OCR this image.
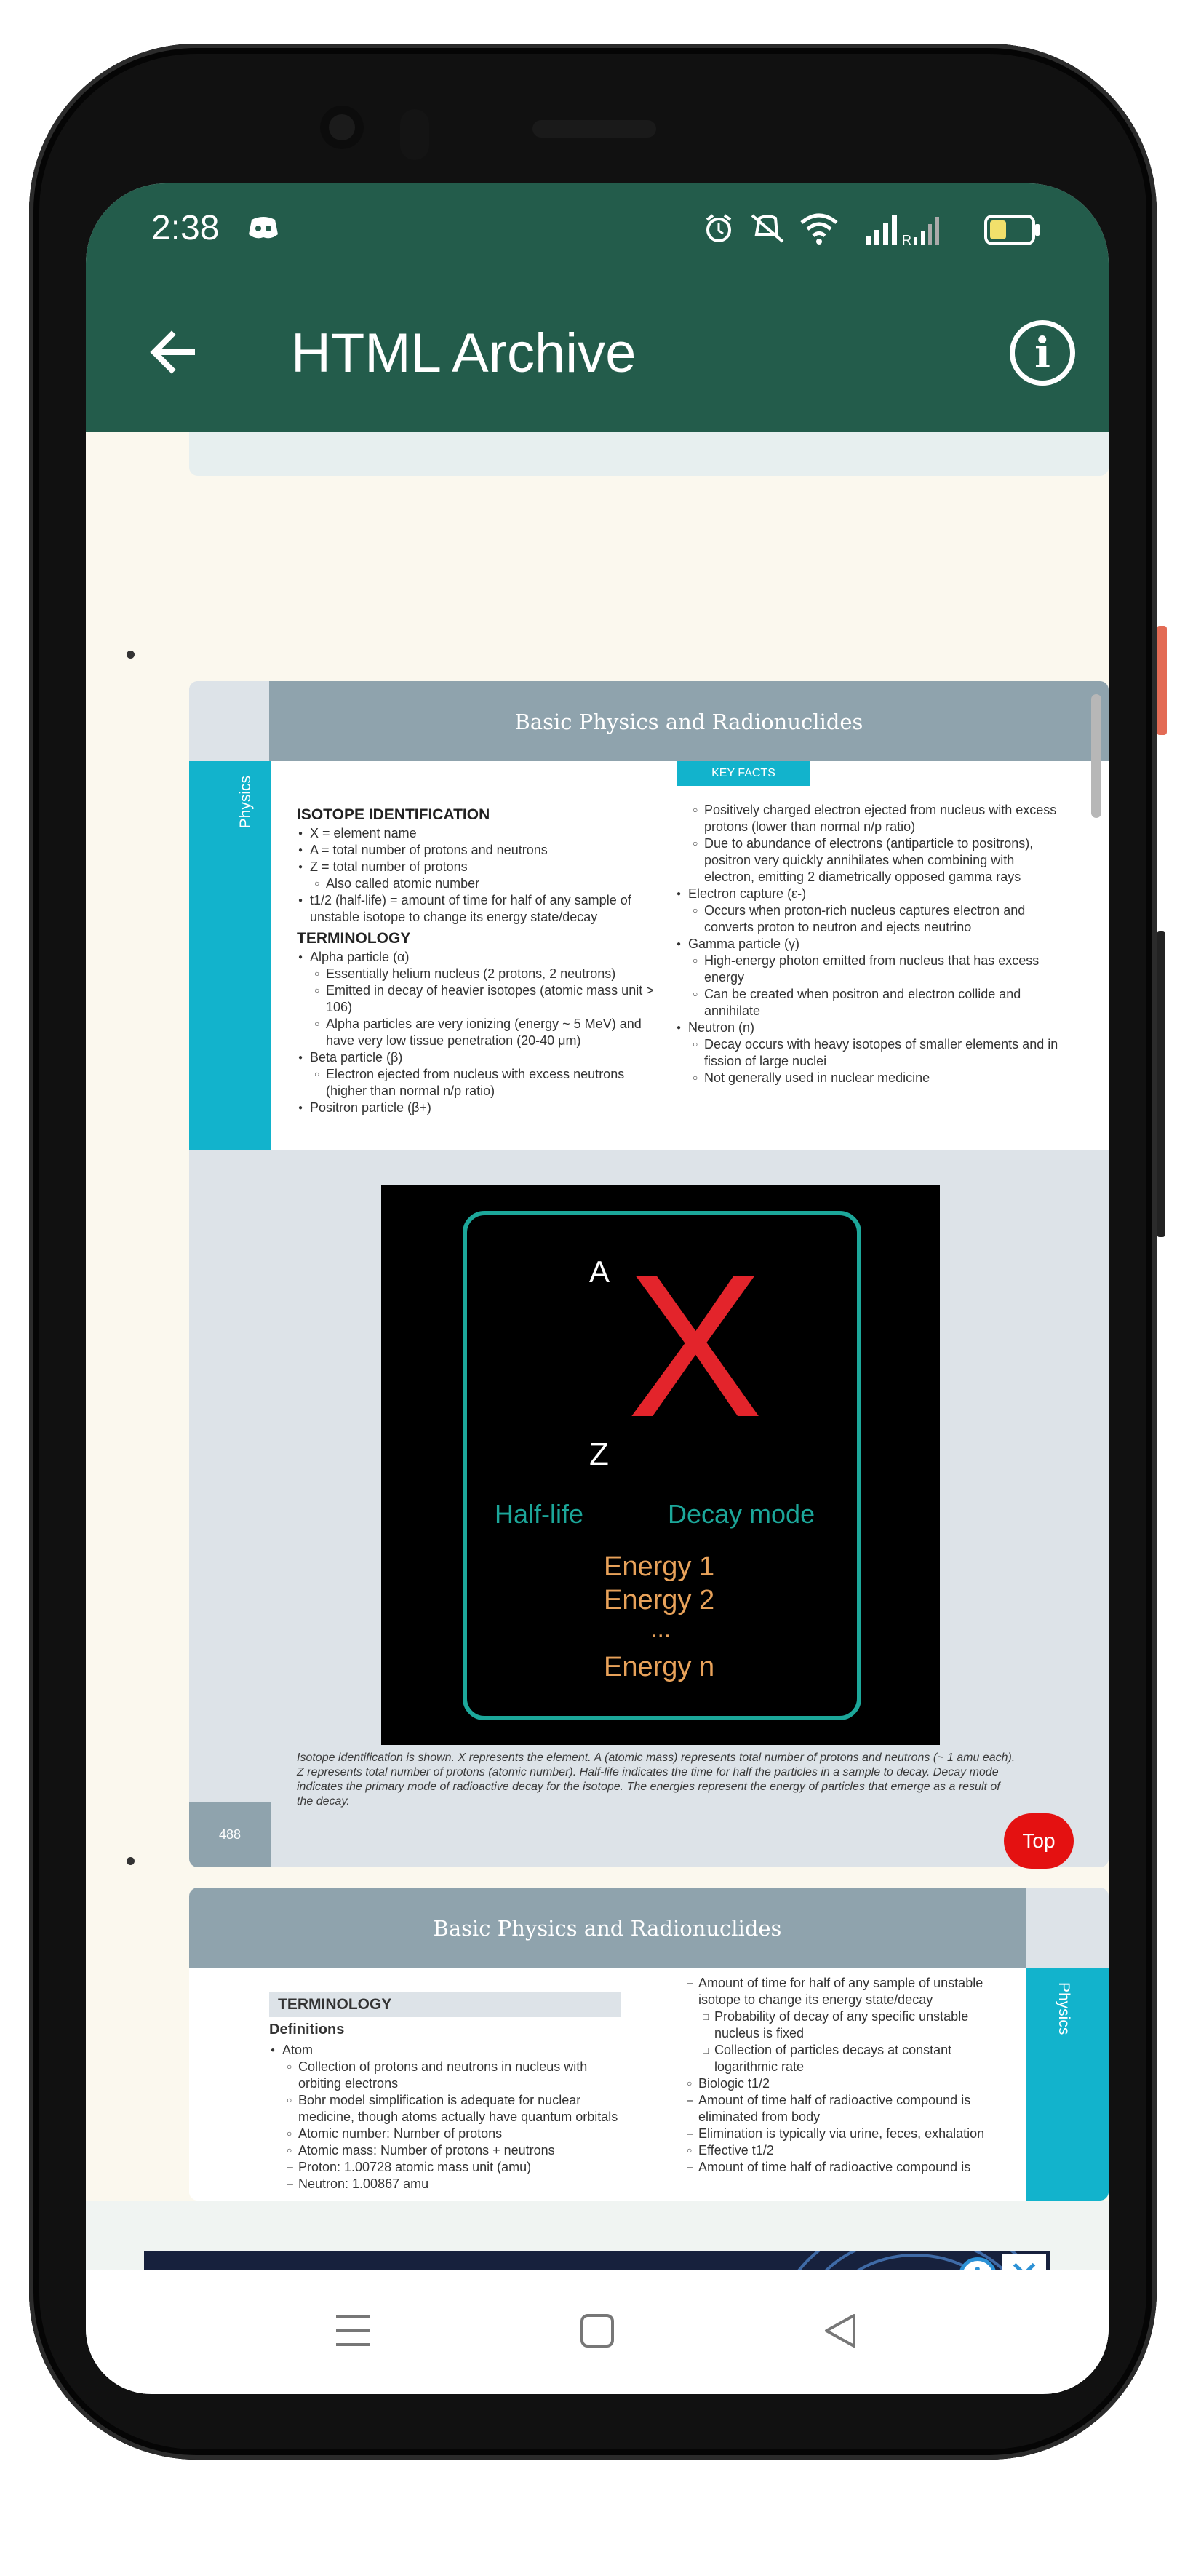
2:38	R
HTML Archive	i
Basic Physics and Radionuclides
Physics
KEY FACTS
ISOTOPE IDENTIFICATION
X = element name
●
A = total number of protons and neutrons
●
Z = total number of protons
●
Also called atomic number
○
t1/2 (half-life) = amount of time for half of any sample of unstable isotope to change its energy state/decay
●
TERMINOLOGY
Alpha particle (α)
●
Essentially helium nucleus (2 protons, 2 neutrons)
○
Emitted in decay of heavier isotopes (atomic mass unit > 106)
○
Alpha particles are very ionizing (energy ~ 5 MeV) and have very low tissue penetration (20-40 μm)
○
Beta particle (β)
●
Electron ejected from nucleus with excess neutrons (higher than normal n/p ratio)
○
Positron particle (β+)
●
Positively charged electron ejected from nucleus with excess protons (lower than normal n/p ratio)
○
Due to abundance of electrons (antiparticle to positrons), positron very quickly annihilates when combining with electron, emitting 2 diametrically opposed gamma rays
○
Electron capture (ε-)
●
Occurs when proton-rich nucleus captures electron and converts proton to neutron and ejects neutrino
○
Gamma particle (γ)
●
High-energy photon emitted from nucleus that has excess energy
○
Can be created when positron and electron collide and annihilate
○
Neutron (n)
●
Decay occurs with heavy isotopes of smaller elements and in fission of large nuclei
○
Not generally used in nuclear medicine
○
A X
Z
Half-life	Decay mode
Energy 1
Energy 2
...
Energy n
Isotope identification is shown. X represents the element. A (atomic mass) represents total number of protons and neutrons (~ 1 amu each). Z represents total number of protons (atomic number). Half-life indicates the time for half the particles in a sample to decay. Decay mode indicates the primary mode of radioactive decay for the isotope. The energies represent the energy of particles that emerge as a result of the decay.
488
Basic Physics and Radionuclides
Physics
TERMINOLOGY
Definitions
Atom
●
Collection of protons and neutrons in nucleus with orbiting electrons
○
Bohr model simplification is adequate for nuclear medicine, though atoms actually have quantum orbitals
○
Atomic number: Number of protons
○
Atomic mass: Number of protons + neutrons
○
Proton: 1.00728 atomic mass unit (amu)
–
Neutron: 1.00867 amu
–
Amount of time for half of any sample of unstable isotope to change its energy state/decay
–
Probability of decay of any specific unstable nucleus is fixed
□
Collection of particles decays at constant logarithmic rate
□
Biologic t1/2
○
Amount of time half of radioactive compound is eliminated from body
–
Elimination is typically via urine, feces, exhalation
–
Effective t1/2
○
Amount of time half of radioactive compound is
–
Top
